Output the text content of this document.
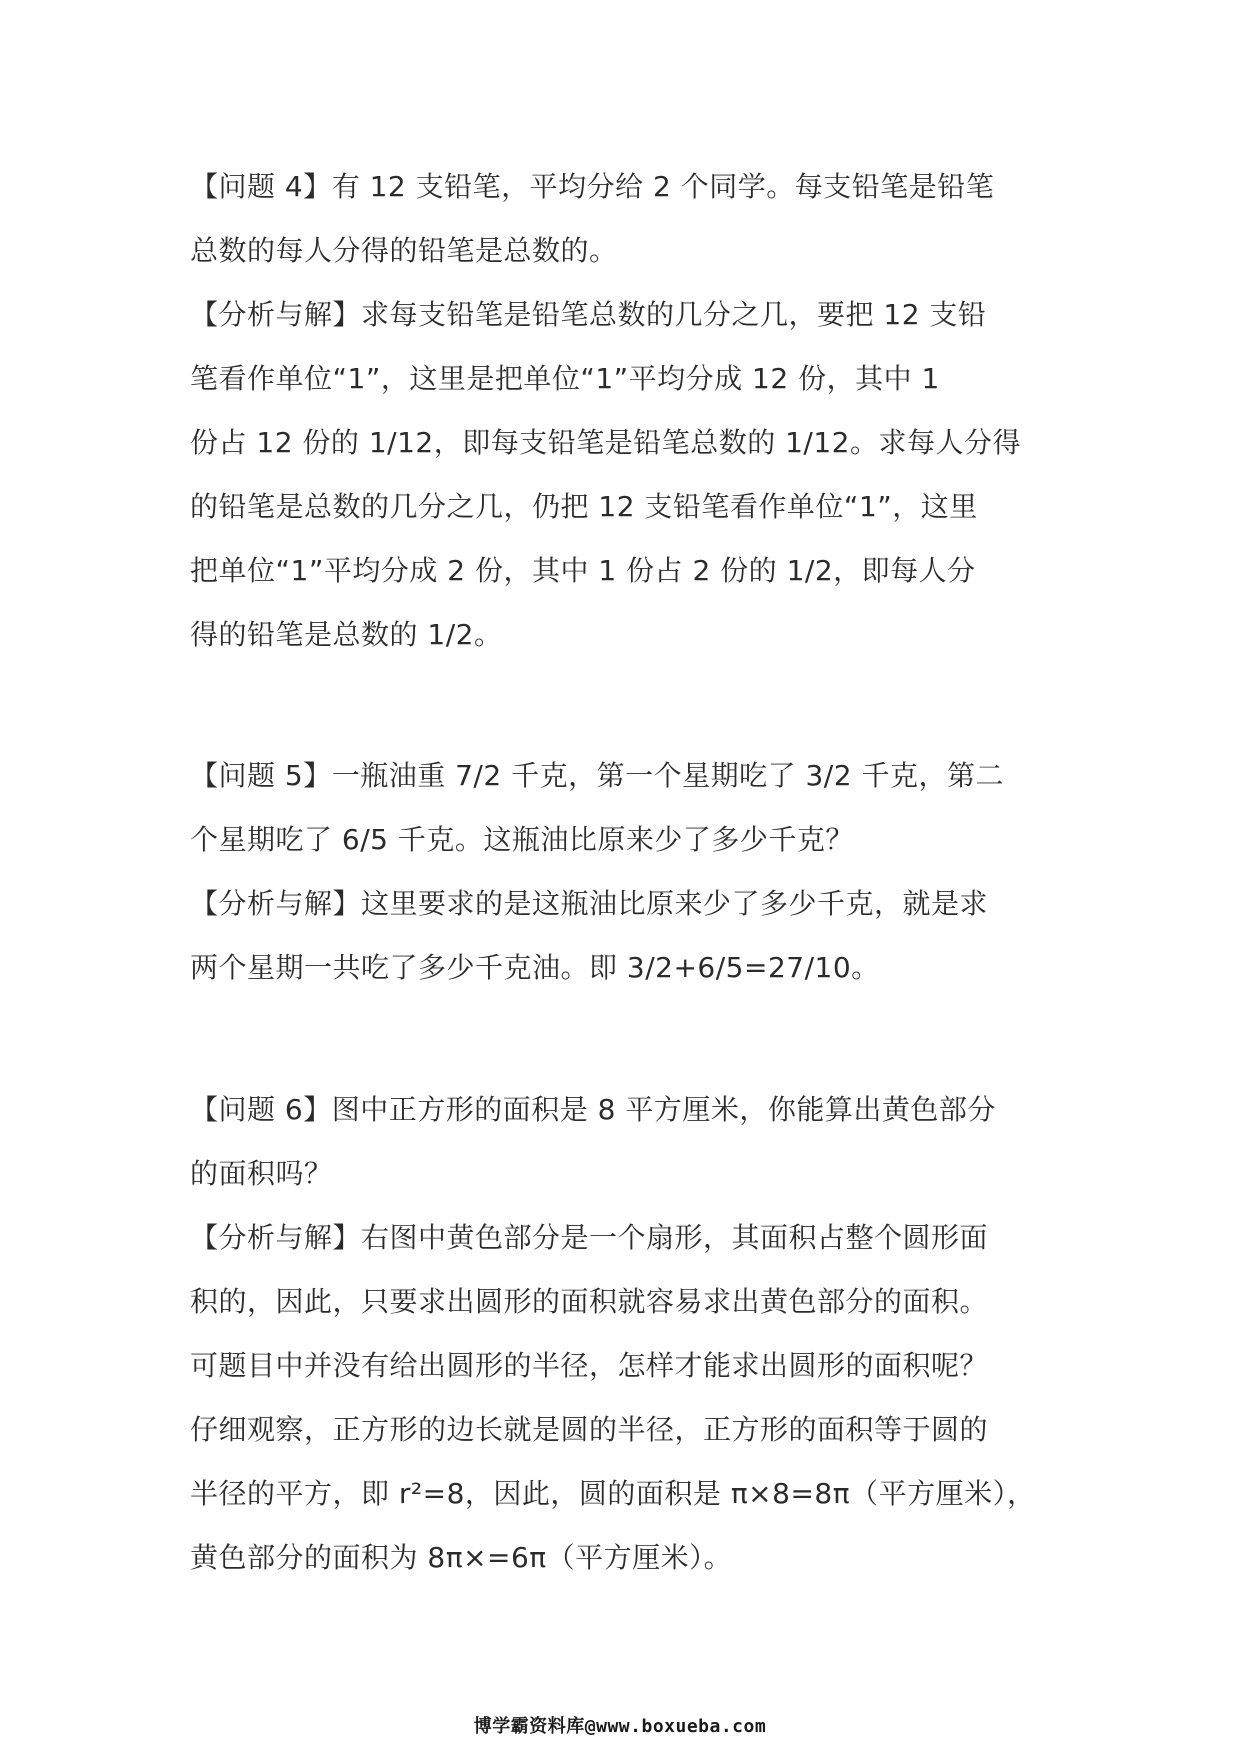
【问题 4】有 12 支铅笔，平均分给 2 个同学。每支铅笔是铅笔
总数的每人分得的铅笔是总数的。
【分析与解】求每支铅笔是铅笔总数的几分之几，要把 12 支铅
笔看作单位“1”，这里是把单位“1”平均分成 12 份，其中 1
份占 12 份的 1/12，即每支铅笔是铅笔总数的 1/12。求每人分得
的铅笔是总数的几分之几，仍把 12 支铅笔看作单位“1”，这里
把单位“1”平均分成 2 份，其中 1 份占 2 份的 1/2，即每人分
得的铅笔是总数的 1/2。
【问题 5】一瓶油重 7/2 千克，第一个星期吃了 3/2 千克，第二
个星期吃了 6/5 千克。这瓶油比原来少了多少千克？
【分析与解】这里要求的是这瓶油比原来少了多少千克，就是求
两个星期一共吃了多少千克油。即 3/2+6/5=27/10。
【问题 6】图中正方形的面积是 8 平方厘米，你能算出黄色部分
的面积吗？
【分析与解】右图中黄色部分是一个扇形，其面积占整个圆形面
积的，因此，只要求出圆形的面积就容易求出黄色部分的面积。
可题目中并没有给出圆形的半径，怎样才能求出圆形的面积呢？
仔细观察，正方形的边长就是圆的半径，正方形的面积等于圆的
半径的平方，即 r²=8，因此，圆的面积是 π×8=8π（平方厘米），
黄色部分的面积为 8π×=6π（平方厘米）。
博学霸资料库@www.boxueba.com
